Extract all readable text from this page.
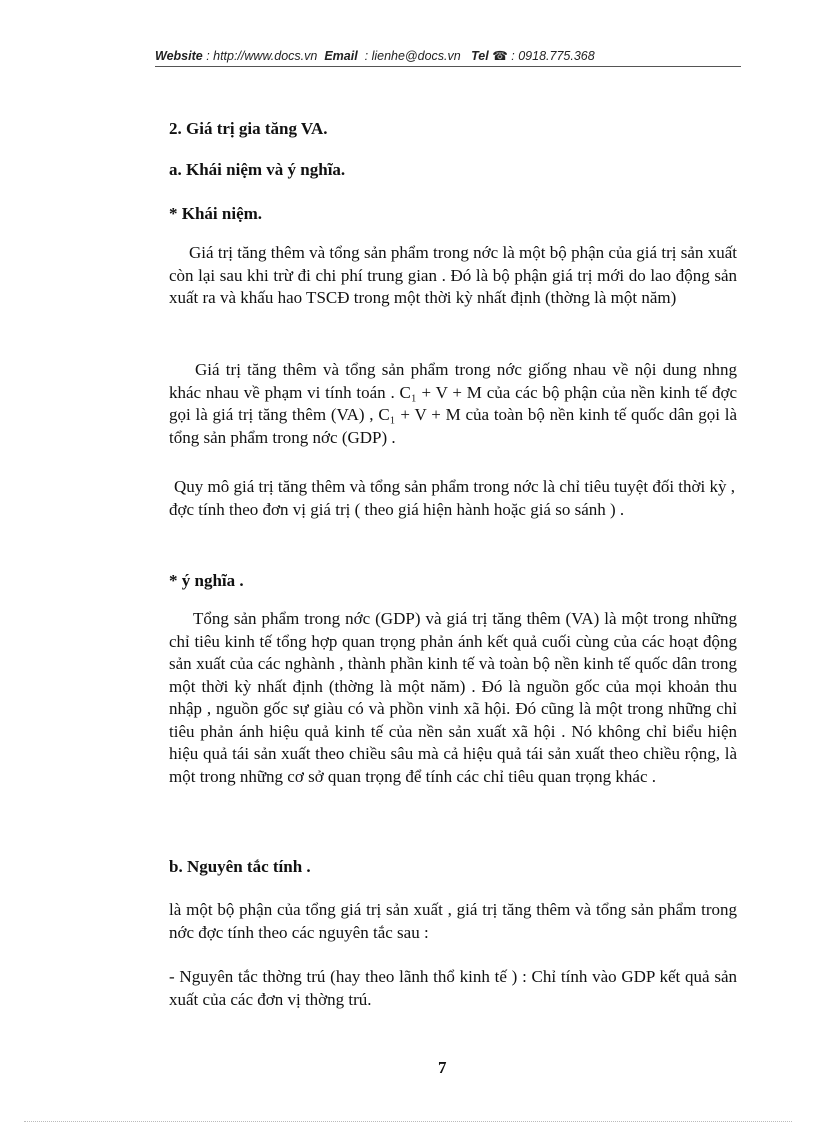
Website : http://www.docs.vn Email : lienhe@docs.vn Tel ☎ : 0918.775.368
2. Giá trị gia tăng VA.
a. Khái niệm và ý nghĩa.
* Khái niệm.
Giá trị tăng thêm và tổng sản phẩm trong nớc là một bộ phận của giá trị sản xuất còn lại sau khi trừ đi chi phí trung gian . Đó là bộ phận giá trị mới do lao động sản xuất ra và khấu hao TSCĐ trong một thời kỳ nhất định (thờng là một năm)
Giá trị tăng thêm và tổng sản phẩm trong nớc giống nhau về nội dung nhng khác nhau về phạm vi tính toán . C₁ + V + M của các bộ phận của nền kinh tế đợc gọi là giá trị tăng thêm (VA) , C₁ + V + M của toàn bộ nền kinh tế quốc dân gọi là tổng sản phẩm trong nớc (GDP) .
Quy mô giá trị tăng thêm và tổng sản phẩm trong nớc là chỉ tiêu tuyệt đối thời kỳ , đợc tính theo đơn vị giá trị ( theo giá hiện hành hoặc giá so sánh ) .
* ý nghĩa .
Tổng sản phẩm trong nớc (GDP) và giá trị tăng thêm (VA) là một trong những chỉ tiêu kinh tế tổng hợp quan trọng phản ánh kết quả cuối cùng của các hoạt động sản xuất của các nghành , thành phần kinh tế và toàn bộ nền kinh tế quốc dân trong một thời kỳ nhất định (thờng là một năm) . Đó là nguồn gốc của mọi khoản thu nhập , nguồn gốc sự giàu có và phồn vinh xã hội. Đó cũng là một trong những chỉ tiêu phản ánh hiệu quả kinh tế của nền sản xuất xã hội . Nó không chỉ biểu hiện hiệu quả tái sản xuất theo chiều sâu mà cả hiệu quả tái sản xuất theo chiều rộng, là một trong những cơ sở quan trọng để tính các chỉ tiêu quan trọng khác .
b. Nguyên tắc tính .
là một bộ phận của tổng giá trị sản xuất , giá trị tăng thêm và tổng sản phẩm trong nớc đợc tính theo các nguyên tắc sau :
- Nguyên tắc thờng trú (hay theo lãnh thổ kinh tế ) : Chỉ tính vào GDP kết quả sản xuất của các đơn vị thờng trú.
7
